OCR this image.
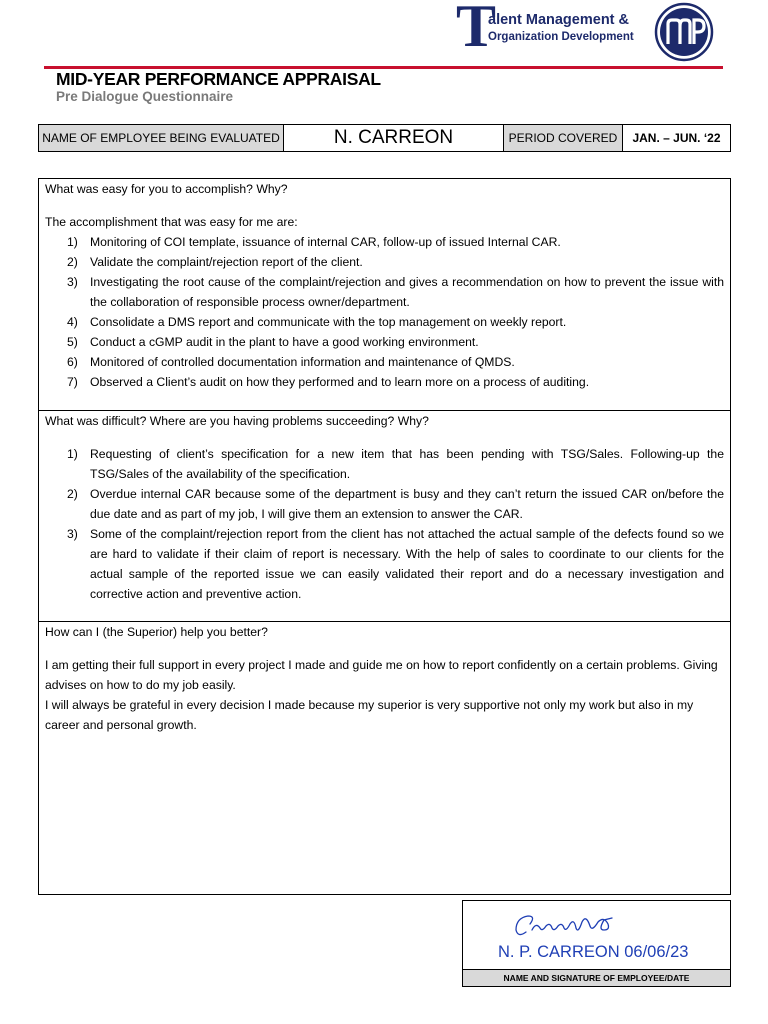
T
alent Management &
Organization Development
MID-YEAR PERFORMANCE APPRAISAL
Pre Dialogue Questionnaire
NAME OF EMPLOYEE BEING EVALUATED	N. CARREON	PERIOD COVERED	JAN. – JUN. ‘22

What was easy for you to accomplish? Why?

The accomplishment that was easy for me are:

1) Monitoring of COI template, issuance of internal CAR, follow-up of issued Internal CAR.
2) Validate the complaint/rejection report of the client.
3) Investigating the root cause of the complaint/rejection and gives a recommendation on how to prevent the issue with the collaboration of responsible process owner/department.
4) Consolidate a DMS report and communicate with the top management on weekly report.
5) Conduct a cGMP audit in the plant to have a good working environment.
6) Monitored of controlled documentation information and maintenance of QMDS.
7) Observed a Client’s audit on how they performed and to learn more on a process of auditing.

What was difficult? Where are you having problems succeeding? Why?

1) Requesting of client’s specification for a new item that has been pending with TSG/Sales. Following-up the TSG/Sales of the availability of the specification.
2) Overdue internal CAR because some of the department is busy and they can’t return the issued CAR on/before the due date and as part of my job, I will give them an extension to answer the CAR.
3) Some of the complaint/rejection report from the client has not attached the actual sample of the defects found so we are hard to validate if their claim of report is necessary. With the help of sales to coordinate to our clients for the actual sample of the reported issue we can easily validated their report and do a necessary investigation and corrective action and preventive action.

How can I (the Superior) help you better?

I am getting their full support in every project I made and guide me on how to report confidently on a certain problems. Giving advises on how to do my job easily.

I will always be grateful in every decision I made because my superior is very supportive not only my work but also in my career and personal growth.

N. P. CARREON 06/06/23
NAME AND SIGNATURE OF EMPLOYEE/DATE
